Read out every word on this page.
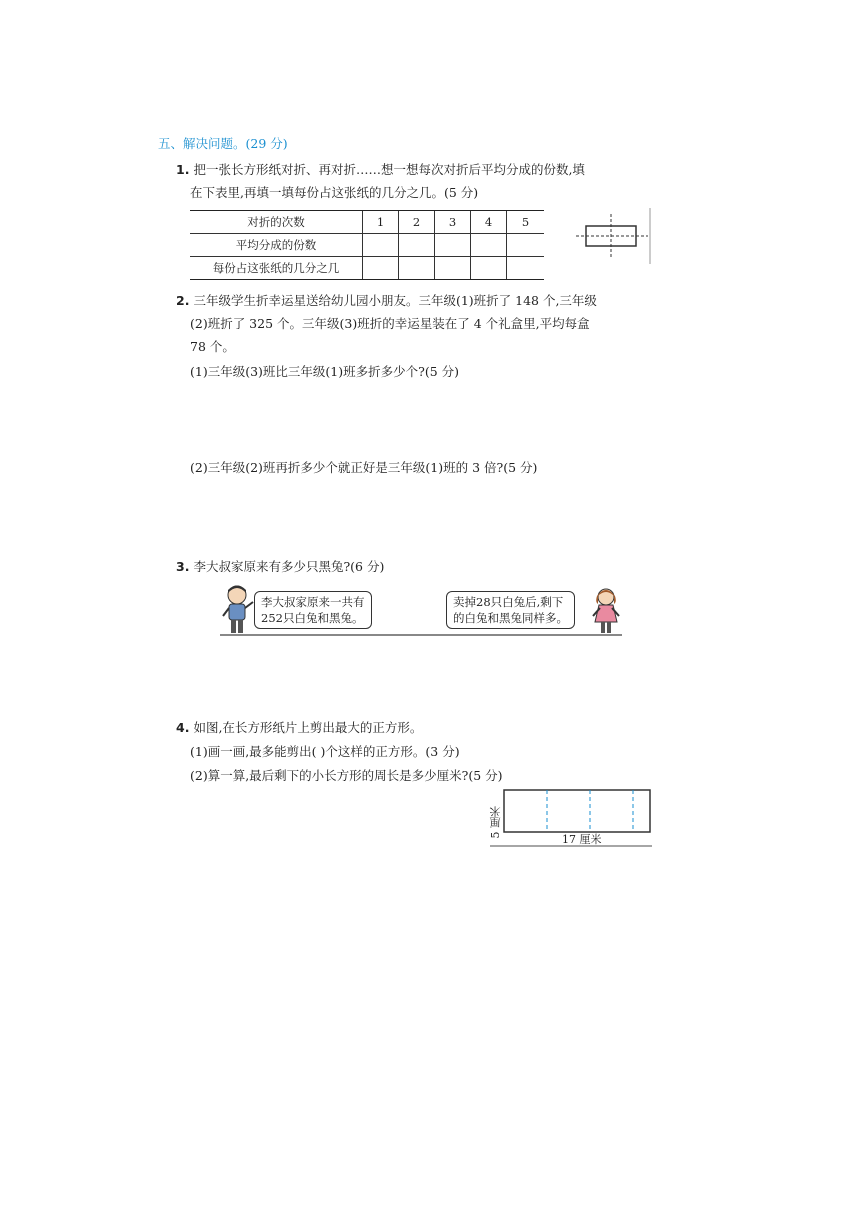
五、解决问题。(29 分)
1. 把一张长方形纸对折、再对折……想一想每次对折后平均分成的份数,填
在下表里,再填一填每份占这张纸的几分之几。(5 分)
对折的次数	1	2	3	4	5
平均分成的份数					
每份占这张纸的几分之几					
2. 三年级学生折幸运星送给幼儿园小朋友。三年级(1)班折了 148 个,三年级
(2)班折了 325 个。三年级(3)班折的幸运星装在了 4 个礼盒里,平均每盒
78 个。
(1)三年级(3)班比三年级(1)班多折多少个?(5 分)
(2)三年级(2)班再折多少个就正好是三年级(1)班的 3 倍?(5 分)
3. 李大叔家原来有多少只黑兔?(6 分)
李大叔家原来一共有
252只白兔和黑兔。
卖掉28只白兔后,剩下
的白兔和黑兔同样多。
4. 如图,在长方形纸片上剪出最大的正方形。
(1)画一画,最多能剪出( )个这样的正方形。(3 分)
(2)算一算,最后剩下的小长方形的周长是多少厘米?(5 分)
5 厘米
17 厘米
